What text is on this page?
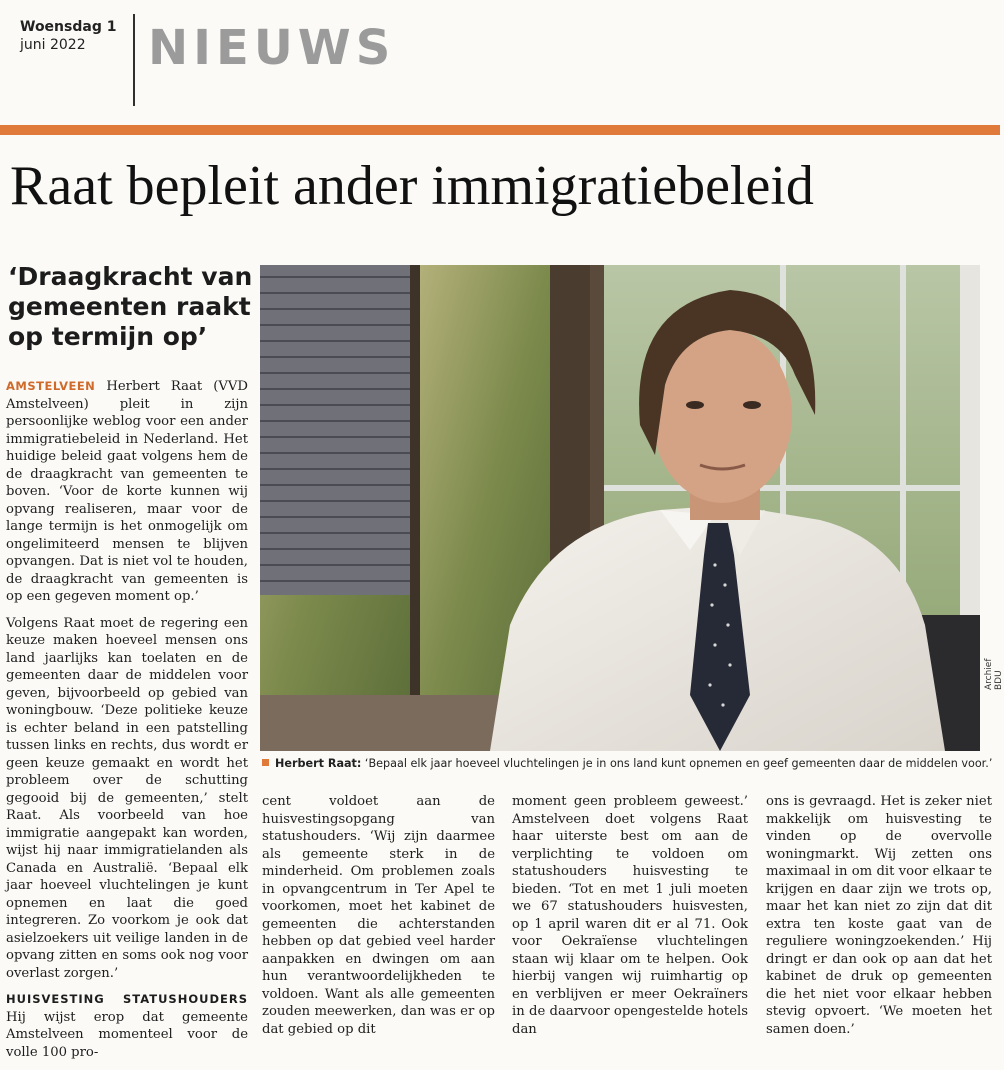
Woensdag 1
juni 2022	NIEUWS
Raat bepleit ander immigratiebeleid
‘Draagkracht van gemeenten raakt op termijn op’

AMSTELVEEN Herbert Raat (VVD Amstelveen) pleit in zijn persoonlijke weblog voor een ander immigratiebeleid in Nederland. Het huidige beleid gaat volgens hem de de draagkracht van gemeenten te boven. ‘Voor de korte kunnen wij opvang realiseren, maar voor de lange termijn is het onmogelijk om ongelimiteerd mensen te blijven opvangen. Dat is niet vol te houden, de draagkracht van gemeenten is op een gegeven moment op.’

Volgens Raat moet de regering een keuze maken hoeveel mensen ons land jaarlijks kan toelaten en de gemeenten daar de middelen voor geven, bijvoorbeeld op gebied van woningbouw. ‘Deze politieke keuze is echter beland in een patstelling tussen links en rechts, dus wordt er geen keuze gemaakt en wordt het probleem over de schutting gegooid bij de gemeenten,’ stelt Raat. Als voorbeeld van hoe immigratie aangepakt kan worden, wijst hij naar immigratielanden als Canada en Australië. ‘Bepaal elk jaar hoeveel vluchtelingen je kunt opnemen en laat die goed integreren. Zo voorkom je ook dat asielzoekers uit veilige landen in de opvang zitten en soms ook nog voor overlast zorgen.’

HUISVESTING STATUSHOUDERS Hij wijst erop dat gemeente Amstelveen momenteel voor de volle 100 pro-

Archief BDU
Herbert Raat: ‘Bepaal elk jaar hoeveel vluchtelingen je in ons land kunt opnemen en geef gemeenten daar de middelen voor.’

cent voldoet aan de huisvestingsopgang van statushouders. ‘Wij zijn daarmee als gemeente sterk in de minderheid. Om problemen zoals in opvangcentrum in Ter Apel te voorkomen, moet het kabinet de gemeenten die achterstanden hebben op dat gebied veel harder aanpakken en dwingen om aan hun verantwoordelijkheden te voldoen. Want als alle gemeenten zouden meewerken, dan was er op dat gebied op dit

moment geen probleem geweest.’ Amstelveen doet volgens Raat haar uiterste best om aan de verplichting te voldoen om statushouders huisvesting te bieden. ‘Tot en met 1 juli moeten we 67 statushouders huisvesten, op 1 april waren dit er al 71. Ook voor Oekraïense vluchtelingen staan wij klaar om te helpen. Ook hierbij vangen wij ruimhartig op en verblijven er meer Oekraïners in de daarvoor opengestelde hotels dan

ons is gevraagd. Het is zeker niet makkelijk om huisvesting te vinden op de overvolle woningmarkt. Wij zetten ons maximaal in om dit voor elkaar te krijgen en daar zijn we trots op, maar het kan niet zo zijn dat dit extra ten koste gaat van de reguliere woningzoekenden.’ Hij dringt er dan ook op aan dat het kabinet de druk op gemeenten die het niet voor elkaar hebben stevig opvoert. ‘We moeten het samen doen.’
